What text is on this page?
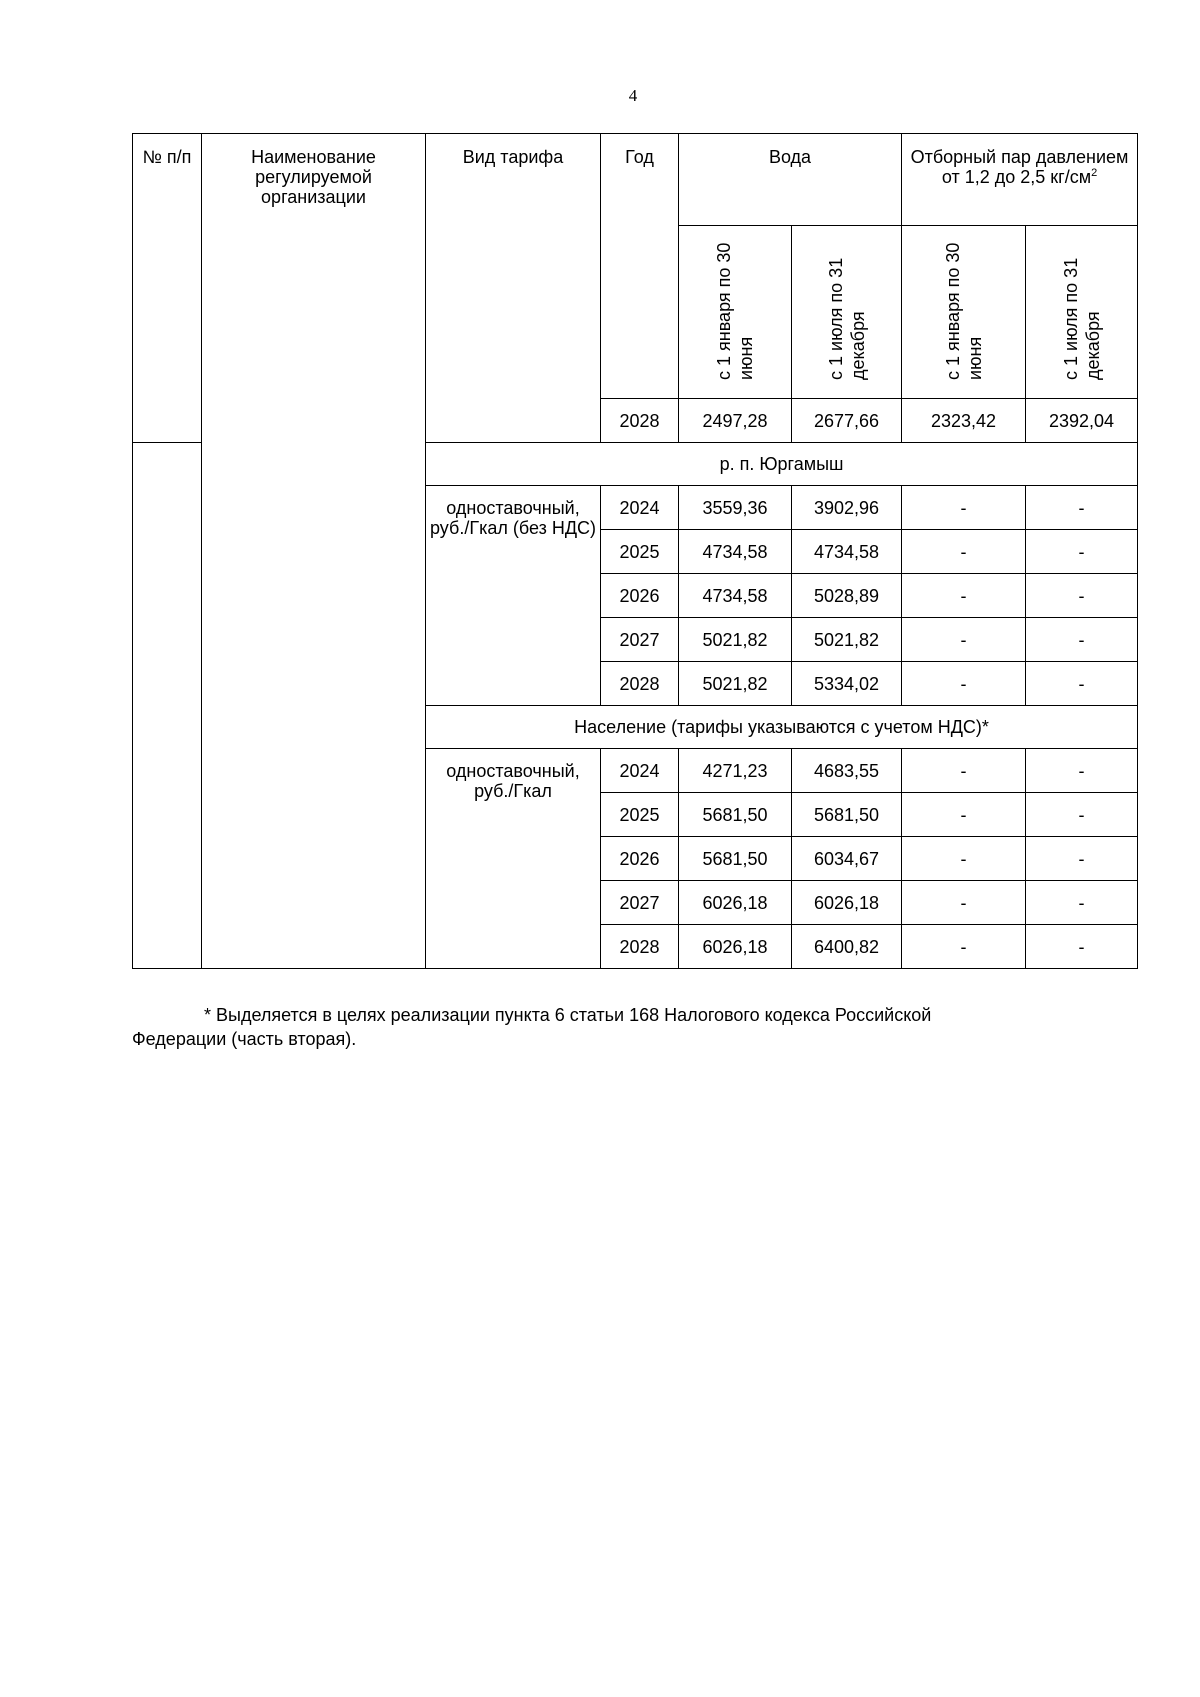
4
№ п/п	Наименование регулируемой организации	Вид тарифа	Год	Вода		Отборный пар давлением от 1,2 до 2,5 $кг/см^2$

				с 1 января по 30 июня	с 1 июля по 31 декабря	с 1 января по 30 июня	с 1 июля по 31 декабря

			2028	2497,28	2677,66	2323,42	2392,04
		р. п. Юргамыш					
		одноставочный, руб./Гкал (без НДС)	2024	3559,36	3902,96	-	-
			2025	4734,58	4734,58	-	-
			2026	4734,58	5028,89	-	-
			2027	5021,82	5021,82	-	-
			2028	5021,82	5334,02	-	-
		Население (тарифы указываются с учетом НДС)*					
		одноставочный, руб./Гкал	2024	4271,23	4683,55	-	-
			2025	5681,50	5681,50	-	-
			2026	5681,50	6034,67	-	-
			2027	6026,18	6026,18	-	-
			2028	6026,18	6400,82	-	-
* Выделяется в целях реализации пункта 6 статьи 168 Налогового кодекса Российской
Федерации (часть вторая).
